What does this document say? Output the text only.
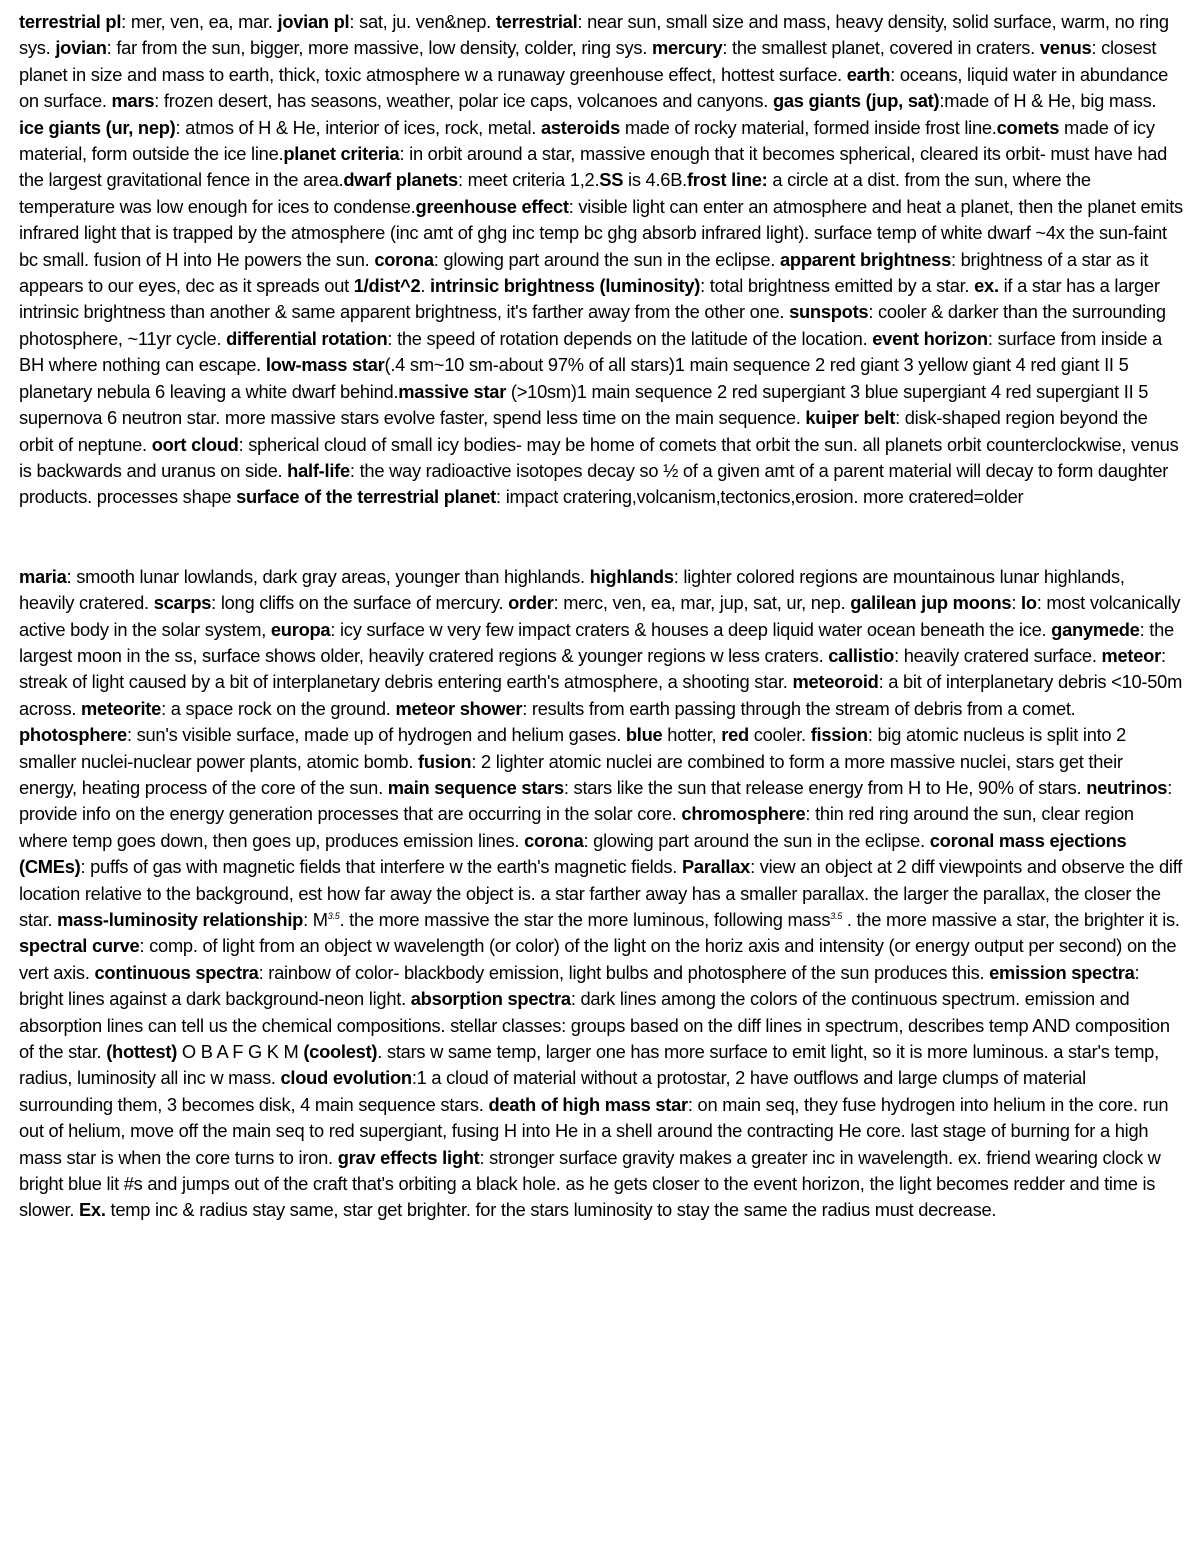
terrestrial pl: mer, ven, ea, mar. jovian pl: sat, ju. ven&nep. terrestrial: near sun, small size and mass, heavy density, solid surface, warm, no ring sys. jovian: far from the sun, bigger, more massive, low density, colder, ring sys. mercury: the smallest planet, covered in craters. venus: closest planet in size and mass to earth, thick, toxic atmosphere w a runaway greenhouse effect, hottest surface. earth: oceans, liquid water in abundance on surface. mars: frozen desert, has seasons, weather, polar ice caps, volcanoes and canyons. gas giants (jup, sat):made of H & He, big mass. ice giants (ur, nep): atmos of H & He, interior of ices, rock, metal. asteroids made of rocky material, formed inside frost line.comets made of icy material, form outside the ice line.planet criteria: in orbit around a star, massive enough that it becomes spherical, cleared its orbit- must have had the largest gravitational fence in the area.dwarf planets: meet criteria 1,2.SS is 4.6B.frost line: a circle at a dist. from the sun, where the temperature was low enough for ices to condense.greenhouse effect: visible light can enter an atmosphere and heat a planet, then the planet emits infrared light that is trapped by the atmosphere (inc amt of ghg inc temp bc ghg absorb infrared light). surface temp of white dwarf ~4x the sun-faint bc small. fusion of H into He powers the sun. corona: glowing part around the sun in the eclipse. apparent brightness: brightness of a star as it appears to our eyes, dec as it spreads out 1/dist^2. intrinsic brightness (luminosity): total brightness emitted by a star. ex. if a star has a larger intrinsic brightness than another & same apparent brightness, it's farther away from the other one. sunspots: cooler & darker than the surrounding photosphere, ~11yr cycle. differential rotation: the speed of rotation depends on the latitude of the location. event horizon: surface from inside a BH where nothing can escape. low-mass star(.4 sm~10 sm-about 97% of all stars)1 main sequence 2 red giant 3 yellow giant 4 red giant II 5 planetary nebula 6 leaving a white dwarf behind.massive star (>10sm)1 main sequence 2 red supergiant 3 blue supergiant 4 red supergiant II 5 supernova 6 neutron star. more massive stars evolve faster, spend less time on the main sequence. kuiper belt: disk-shaped region beyond the orbit of neptune. oort cloud: spherical cloud of small icy bodies- may be home of comets that orbit the sun. all planets orbit counterclockwise, venus is backwards and uranus on side. half-life: the way radioactive isotopes decay so ½ of a given amt of a parent material will decay to form daughter products. processes shape surface of the terrestrial planet: impact cratering,volcanism,tectonics,erosion. more cratered=older

maria: smooth lunar lowlands, dark gray areas, younger than highlands. highlands: lighter colored regions are mountainous lunar highlands, heavily cratered. scarps: long cliffs on the surface of mercury. order: merc, ven, ea, mar, jup, sat, ur, nep. galilean jup moons: Io: most volcanically active body in the solar system, europa: icy surface w very few impact craters & houses a deep liquid water ocean beneath the ice. ganymede: the largest moon in the ss, surface shows older, heavily cratered regions & younger regions w less craters. callistio: heavily cratered surface. meteor: streak of light caused by a bit of interplanetary debris entering earth's atmosphere, a shooting star. meteoroid: a bit of interplanetary debris <10-50m across. meteorite: a space rock on the ground. meteor shower: results from earth passing through the stream of debris from a comet. photosphere: sun's visible surface, made up of hydrogen and helium gases. blue hotter, red cooler. fission: big atomic nucleus is split into 2 smaller nuclei-nuclear power plants, atomic bomb. fusion: 2 lighter atomic nuclei are combined to form a more massive nuclei, stars get their energy, heating process of the core of the sun. main sequence stars: stars like the sun that release energy from H to He, 90% of stars. neutrinos: provide info on the energy generation processes that are occurring in the solar core. chromosphere: thin red ring around the sun, clear region where temp goes down, then goes up, produces emission lines. corona: glowing part around the sun in the eclipse. coronal mass ejections (CMEs): puffs of gas with magnetic fields that interfere w the earth's magnetic fields. Parallax: view an object at 2 diff viewpoints and observe the diff location relative to the background, est how far away the object is. a star farther away has a smaller parallax. the larger the parallax, the closer the star. mass-luminosity relationship: $M^{3.5}$. the more massive the star the more luminous, following mass$^{3.5}$ . the more massive a star, the brighter it is. spectral curve: comp. of light from an object w wavelength (or color) of the light on the horiz axis and intensity (or energy output per second) on the vert axis. continuous spectra: rainbow of color- blackbody emission, light bulbs and photosphere of the sun produces this. emission spectra: bright lines against a dark background-neon light. absorption spectra: dark lines among the colors of the continuous spectrum. emission and absorption lines can tell us the chemical compositions. stellar classes: groups based on the diff lines in spectrum, describes temp AND composition of the star. (hottest) O B A F G K M (coolest). stars w same temp, larger one has more surface to emit light, so it is more luminous. a star's temp, radius, luminosity all inc w mass. cloud evolution:1 a cloud of material without a protostar, 2 have outflows and large clumps of material surrounding them, 3 becomes disk, 4 main sequence stars. death of high mass star: on main seq, they fuse hydrogen into helium in the core. run out of helium, move off the main seq to red supergiant, fusing H into He in a shell around the contracting He core. last stage of burning for a high mass star is when the core turns to iron. grav effects light: stronger surface gravity makes a greater inc in wavelength. ex. friend wearing clock w bright blue lit #s and jumps out of the craft that's orbiting a black hole. as he gets closer to the event horizon, the light becomes redder and time is slower. Ex. temp inc & radius stay same, star get brighter. for the stars luminosity to stay the same the radius must decrease.
